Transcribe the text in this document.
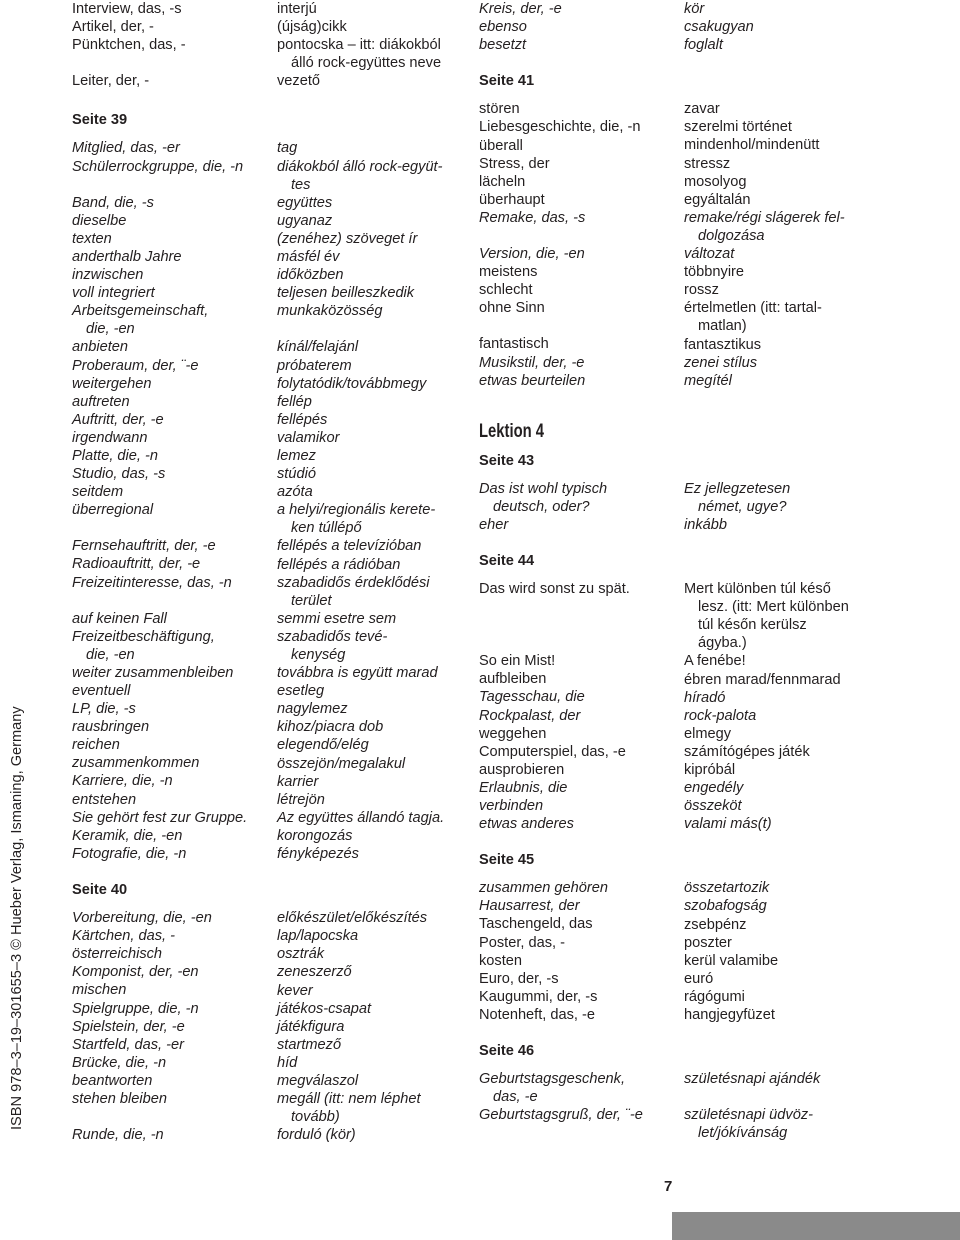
ISBN 978–3–19–301655–3 © Hueber Verlag, Ismaning, Germany
Interview, das, -s
Artikel, der, -
Pünktchen, das, -
Leiter, der, -
Seite 39
Mitglied, das, -er
Schülerrockgruppe, die, -n
Band, die, -s
dieselbe
texten
anderthalb Jahre
inzwischen
voll integriert
Arbeitsgemeinschaft,
die, -en
anbieten
Proberaum, der, ¨-e
weitergehen
auftreten
Auftritt, der, -e
irgendwann
Platte, die, -n
Studio, das, -s
seitdem
überregional
Fernsehauftritt, der, -e
Radioauftritt, der, -e
Freizeitinteresse, das, -n
auf keinen Fall
Freizeitbeschäftigung,
die, -en
weiter zusammenbleiben
eventuell
LP, die, -s
rausbringen
reichen
zusammenkommen
Karriere, die, -n
entstehen
Sie gehört fest zur Gruppe.
Keramik, die, -en
Fotografie, die, -n
Seite 40
Vorbereitung, die, -en
Kärtchen, das, -
österreichisch
Komponist, der, -en
mischen
Spielgruppe, die, -n
Spielstein, der, -e
Startfeld, das, -er
Brücke, die, -n
beantworten
stehen bleiben
Runde, die, -n
interjú
(újság)cikk
pontocska – itt: diákokból
álló rock-együttes neve
vezető
tag
diákokból álló rock-együt-
tes
együttes
ugyanaz
(zenéhez) szöveget ír
másfél év
időközben
teljesen beilleszkedik
munkaközösség
kínál/felajánl
próbaterem
folytatódik/továbbmegy
fellép
fellépés
valamikor
lemez
stúdió
azóta
a helyi/regionális kerete-
ken túllépő
fellépés a televízióban
fellépés a rádióban
szabadidős érdeklődési
terület
semmi esetre sem
szabadidős tevé-
kenység
továbbra is együtt marad
esetleg
nagylemez
kihoz/piacra dob
elegendő/elég
összejön/megalakul
karrier
létrejön
Az együttes állandó tagja.
korongozás
fényképezés
előkészület/előkészítés
lap/lapocska
osztrák
zeneszerző
kever
játékos-csapat
játékfigura
startmező
híd
megválaszol
megáll (itt: nem léphet
tovább)
forduló (kör)
Kreis, der, -e
ebenso
besetzt
Seite 41
stören
Liebesgeschichte, die, -n
überall
Stress, der
lächeln
überhaupt
Remake, das, -s
Version, die, -en
meistens
schlecht
ohne Sinn
fantastisch
Musikstil, der, -e
etwas beurteilen
Lektion 4
Seite 43
Das ist wohl typisch
deutsch, oder?
eher
Seite 44
Das wird sonst zu spät.
So ein Mist!
aufbleiben
Tagesschau, die
Rockpalast, der
weggehen
Computerspiel, das, -e
ausprobieren
Erlaubnis, die
verbinden
etwas anderes
Seite 45
zusammen gehören
Hausarrest, der
Taschengeld, das
Poster, das, -
kosten
Euro, der, -s
Kaugummi, der, -s
Notenheft, das, -e
Seite 46
Geburtstagsgeschenk,
das, -e
Geburtstagsgruß, der, ¨-e
kör
csakugyan
foglalt
zavar
szerelmi történet
mindenhol/mindenütt
stressz
mosolyog
egyáltalán
remake/régi slágerek fel-
dolgozása
változat
többnyire
rossz
értelmetlen (itt: tartal-
matlan)
fantasztikus
zenei stílus
megítél
Ez jellegzetesen
német, ugye?
inkább
Mert különben túl késő
lesz. (itt: Mert különben
túl későn kerülsz
ágyba.)
A fenébe!
ébren marad/fennmarad
híradó
rock-palota
elmegy
számítógépes játék
kipróbál
engedély
összeköt
valami más(t)
összetartozik
szobafogság
zsebpénz
poszter
kerül valamibe
euró
rágógumi
hangjegyfüzet
születésnapi ajándék
születésnapi üdvöz-
let/jókívánság
7
